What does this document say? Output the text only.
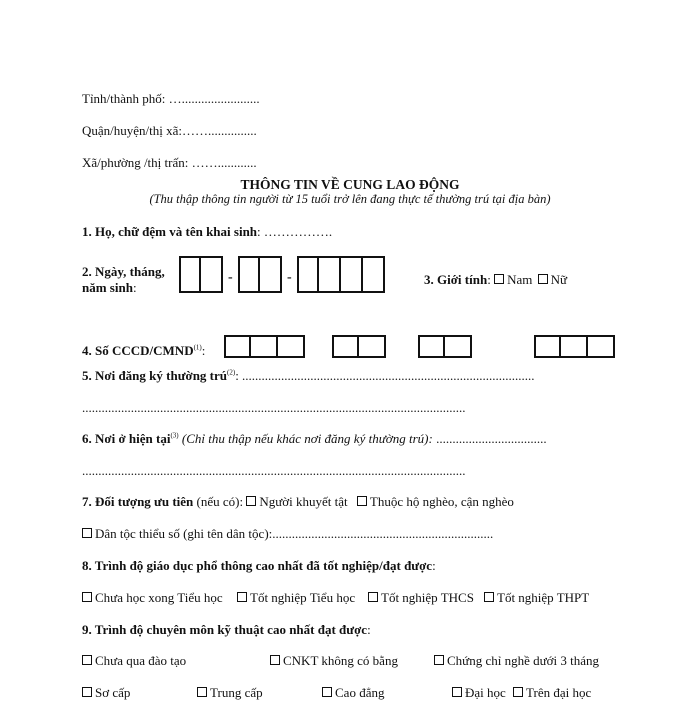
Tỉnh/thành phố: …........................
Quận/huyện/thị xã:……...............
Xã/phường /thị trấn: ……............
THÔNG TIN VỀ CUNG LAO ĐỘNG
(Thu thập thông tin người từ 15 tuổi trở lên đang thực tế thường trú tại địa bàn)
1. Họ, chữ đệm và tên khai sinh: …………….
2. Ngày, tháng,
năm sinh:
-	-	3. Giới tính: Nam Nữ
4. Số CCCD/CMND$^{(1)}$:
5. Nơi đăng ký thường trú$^{(2)}$: ..........................................................................................
......................................................................................................................
6. Nơi ở hiện tại$^{(3)}$ (Chỉ thu thập nếu khác nơi đăng ký thường trú): ..................................
......................................................................................................................
7. Đối tượng ưu tiên (nếu có): Người khuyết tật Thuộc hộ nghèo, cận nghèo
Dân tộc thiểu số (ghi tên dân tộc):....................................................................
8. Trình độ giáo dục phổ thông cao nhất đã tốt nghiệp/đạt được:
Chưa học xong Tiểu học	Tốt nghiệp Tiểu học	Tốt nghiệp THCS	Tốt nghiệp THPT
9. Trình độ chuyên môn kỹ thuật cao nhất đạt được:
Chưa qua đào tạo	CNKT không có bằng	Chứng chỉ nghề dưới 3 tháng
Sơ cấp	Trung cấp	Cao đẳng	Đại học	Trên đại học
